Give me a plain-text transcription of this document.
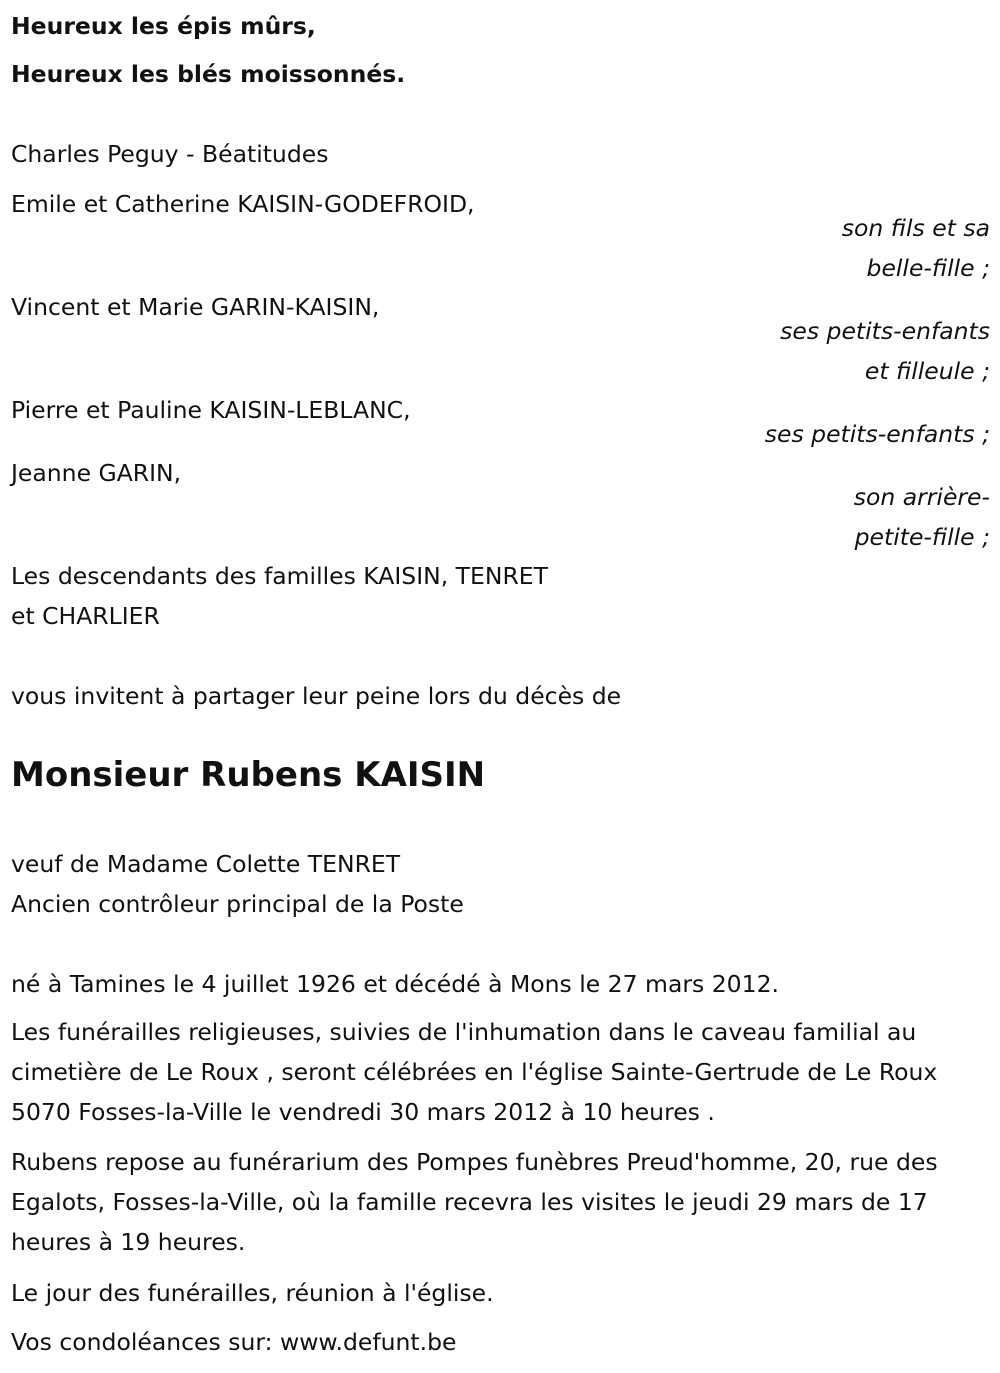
Heureux les épis mûrs,
Heureux les blés moissonnés.
Charles Peguy - Béatitudes
Emile et Catherine KAISIN-GODEFROID,
son fils et sa
belle-fille ;
Vincent et Marie GARIN-KAISIN,
ses petits-enfants
et filleule ;
Pierre et Pauline KAISIN-LEBLANC,
ses petits-enfants ;
Jeanne GARIN,
son arrière-
petite-fille ;
Les descendants des familles KAISIN, TENRET
et CHARLIER
vous invitent à partager leur peine lors du décès de
Monsieur Rubens KAISIN
veuf de Madame Colette TENRET
Ancien contrôleur principal de la Poste
né à Tamines le 4 juillet 1926 et décédé à Mons le 27 mars 2012.
Les funérailles religieuses, suivies de l'inhumation dans le caveau familial au cimetière de Le Roux , seront célébrées en l'église Sainte-Gertrude de Le Roux 5070 Fosses-la-Ville le vendredi 30 mars 2012 à 10 heures .
Rubens repose au funérarium des Pompes funèbres Preud'homme, 20, rue des Egalots, Fosses-la-Ville, où la famille recevra les visites le jeudi 29 mars de 17 heures à 19 heures.
Le jour des funérailles, réunion à l'église.
Vos condoléances sur: www.defunt.be
